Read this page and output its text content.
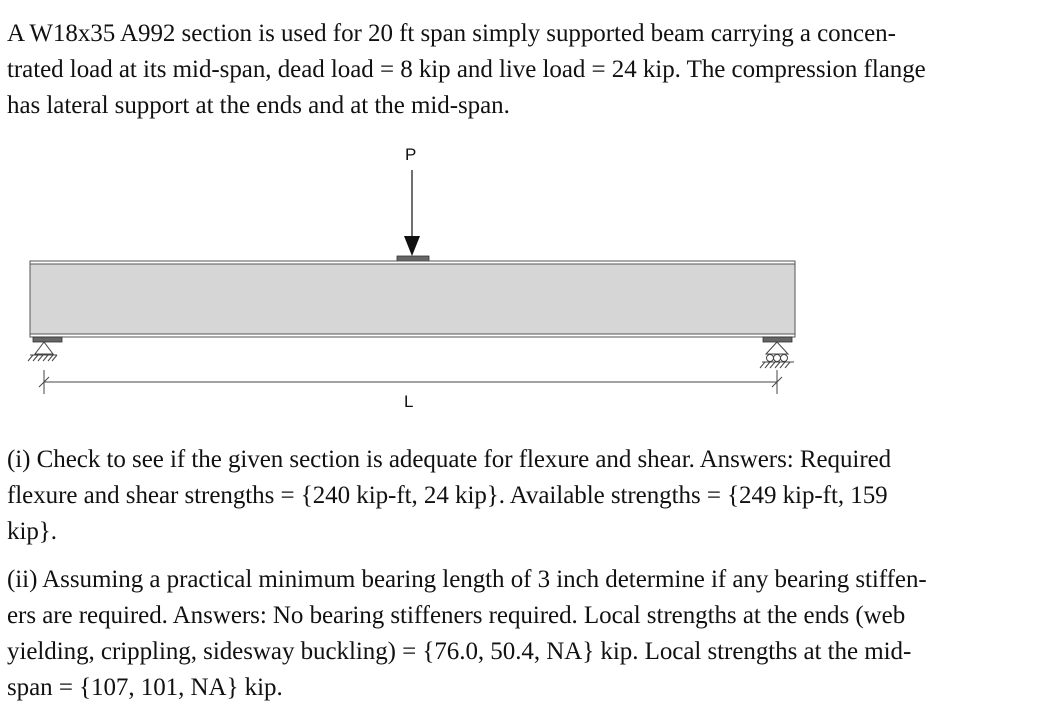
A W18x35 A992 section is used for 20 ft span simply supported beam carrying a concen-
trated load at its mid-span, dead load = 8 kip and live load = 24 kip. The compression flange
has lateral support at the ends and at the mid-span.
P
L
(i) Check to see if the given section is adequate for flexure and shear. Answers: Required
flexure and shear strengths = {240 kip-ft, 24 kip}. Available strengths = {249 kip-ft, 159
kip}.
(ii) Assuming a practical minimum bearing length of 3 inch determine if any bearing stiffen-
ers are required. Answers: No bearing stiffeners required. Local strengths at the ends (web
yielding, crippling, sidesway buckling) = {76.0, 50.4, NA} kip. Local strengths at the mid-
span = {107, 101, NA} kip.
